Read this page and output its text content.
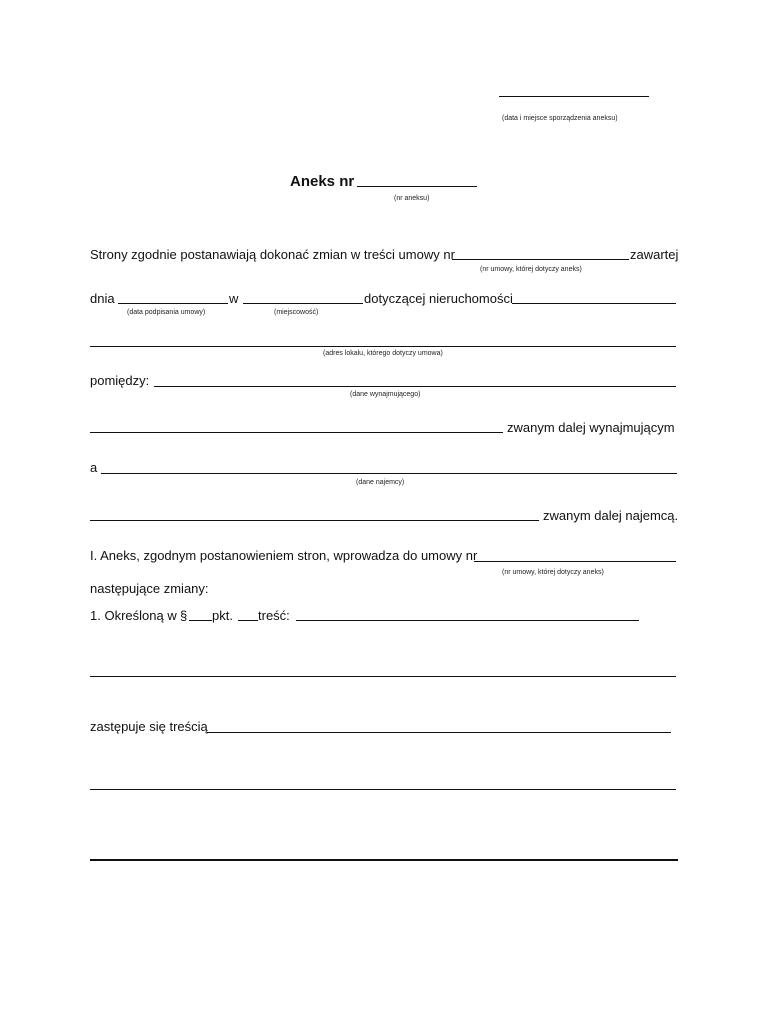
(data i miejsce sporządzenia aneksu)
Aneks nr
(nr aneksu)
Strony zgodnie postanawiają dokonać zmian w treści umowy nr	zawartej
(nr umowy, której dotyczy aneks)
dnia	w	dotyczącej nieruchomości
(data podpisania umowy)	(miejscowość)
(adres lokalu, którego dotyczy umowa)
pomiędzy:
(dane wynajmującego)
zwanym dalej wynajmującym
a
(dane najemcy)
zwanym dalej najemcą.
I. Aneks, zgodnym postanowieniem stron, wprowadza do umowy nr
(nr umowy, której dotyczy aneks)
następujące zmiany:
1. Określoną w § pkt. treść:
zastępuje się treścią
